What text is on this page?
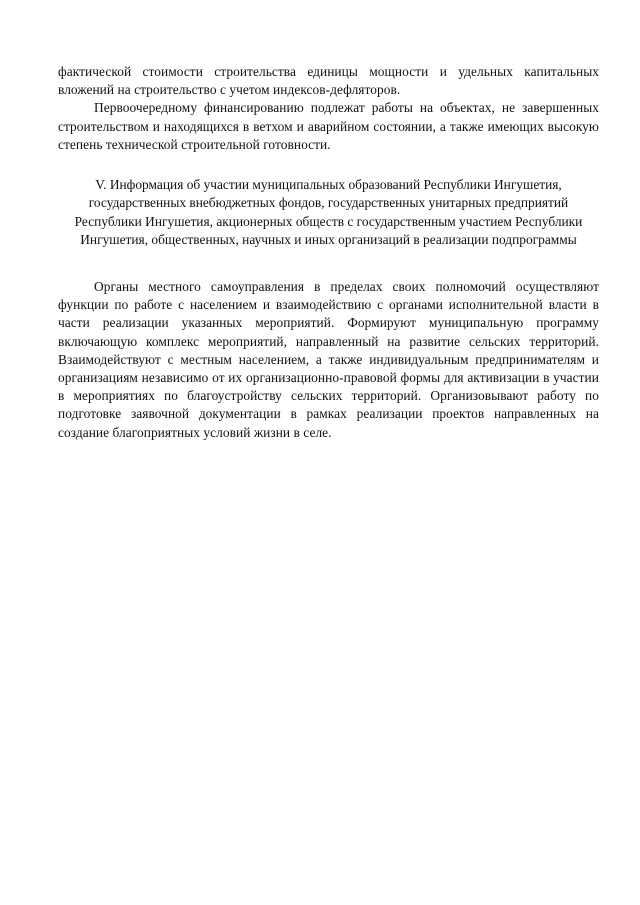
фактической стоимости строительства единицы мощности и удельных капитальных вложений на строительство с учетом индексов-дефляторов.

Первоочередному финансированию подлежат работы на объектах, не завершенных строительством и находящихся в ветхом и аварийном состоянии, а также имеющих высокую степень технической строительной готовности.

V. Информация об участии муниципальных образований Республики Ингушетия, государственных внебюджетных фондов, государственных унитарных предприятий Республики Ингушетия, акционерных обществ с государственным участием Республики Ингушетия, общественных, научных и иных организаций в реализации подпрограммы

Органы местного самоуправления в пределах своих полномочий осуществляют функции по работе с населением и взаимодействию с органами исполнительной власти в части реализации указанных мероприятий. Формируют муниципальную программу включающую комплекс мероприятий, направленный на развитие сельских территорий. Взаимодействуют с местным населением, а также индивидуальным предпринимателям и организациям независимо от их организационно-правовой формы для активизации в участии в мероприятиях по благоустройству сельских территорий. Организовывают работу по подготовке заявочной документации в рамках реализации проектов направленных на создание благоприятных условий жизни в селе.
